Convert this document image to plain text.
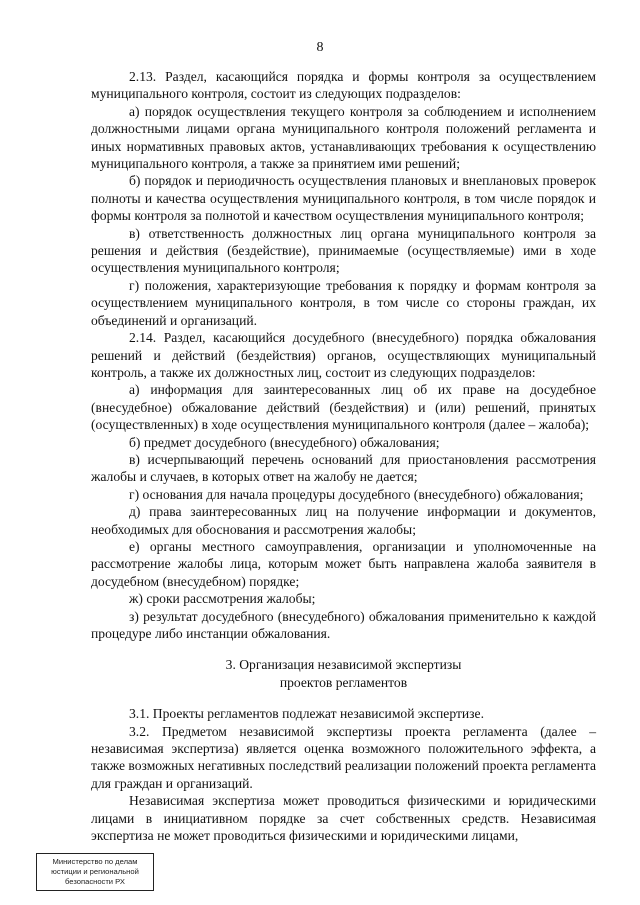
8

2.13. Раздел, касающийся порядка и формы контроля за осуществлением муниципального контроля, состоит из следующих подразделов:

а) порядок осуществления текущего контроля за соблюдением и исполнением должностными лицами органа муниципального контроля положений регламента и иных нормативных правовых актов, устанавливающих требования к осуществлению муниципального контроля, а также за принятием ими решений;

б) порядок и периодичность осуществления плановых и внеплановых проверок полноты и качества осуществления муниципального контроля, в том числе порядок и формы контроля за полнотой и качеством осуществления муниципального контроля;

в) ответственность должностных лиц органа муниципального контроля за решения и действия (бездействие), принимаемые (осуществляемые) ими в ходе осуществления муниципального контроля;

г) положения, характеризующие требования к порядку и формам контроля за осуществлением муниципального контроля, в том числе со стороны граждан, их объединений и организаций.

2.14. Раздел, касающийся досудебного (внесудебного) порядка обжалования решений и действий (бездействия) органов, осуществляющих муниципальный контроль, а также их должностных лиц, состоит из следующих подразделов:

а) информация для заинтересованных лиц об их праве на досудебное (внесудебное) обжалование действий (бездействия) и (или) решений, принятых (осуществленных) в ходе осуществления муниципального контроля (далее – жалоба);

б) предмет досудебного (внесудебного) обжалования;

в) исчерпывающий перечень оснований для приостановления рассмотрения жалобы и случаев, в которых ответ на жалобу не дается;

г) основания для начала процедуры досудебного (внесудебного) обжалования;

д) права заинтересованных лиц на получение информации и документов, необходимых для обоснования и рассмотрения жалобы;

е) органы местного самоуправления, организации и уполномоченные на рассмотрение жалобы лица, которым может быть направлена жалоба заявителя в досудебном (внесудебном) порядке;

ж) сроки рассмотрения жалобы;

з) результат досудебного (внесудебного) обжалования применительно к каждой процедуре либо инстанции обжалования.

3. Организация независимой экспертизы
проектов регламентов

3.1. Проекты регламентов подлежат независимой экспертизе.

3.2. Предметом независимой экспертизы проекта регламента (далее – независимая экспертиза) является оценка возможного положительного эффекта, а также возможных негативных последствий реализации положений проекта регламента для граждан и организаций.

Независимая экспертиза может проводиться физическими и юридическими лицами в инициативном порядке за счет собственных средств. Независимая экспертиза не может проводиться физическими и юридическими лицами,

Министерство по делам
юстиции и региональной
безопасности РХ
